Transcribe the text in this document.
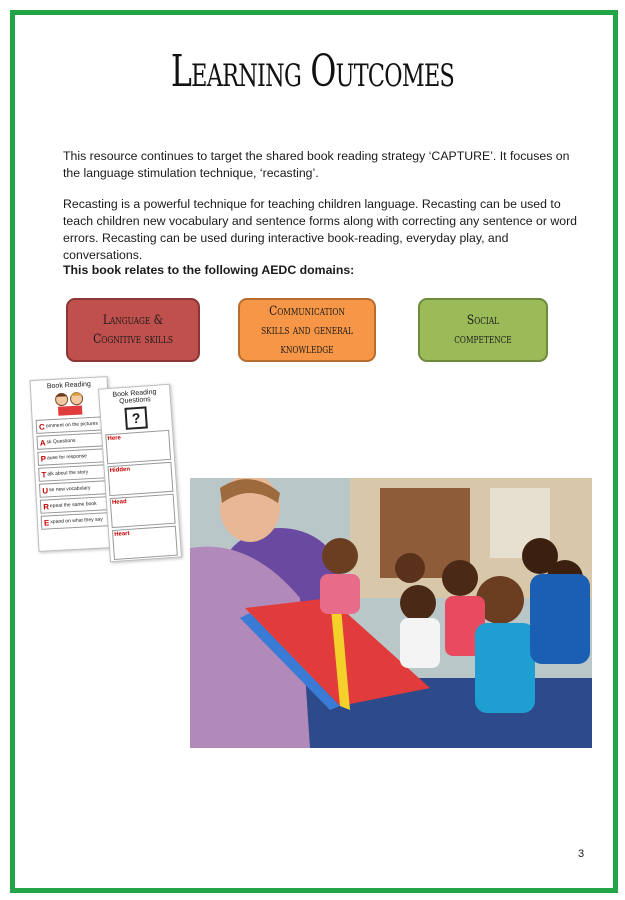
Learning Outcomes

This resource continues to target the shared book reading strategy ‘CAPTURE’. It focuses on the language stimulation technique, ‘recasting’.

Recasting is a powerful technique for teaching children language. Recasting can be used to teach children new vocabulary and sentence forms along with correcting any sentence or word errors. Recasting can be used during interactive book-reading, everyday play, and conversations.

This book relates to the following AEDC domains:

Language & Cognitive skills
Communication skills and general knowledge
Social competence
Book Reading
C omment on the pictures
A sk Questions
P ause for response
T alk about the story
U se new vocabulary
R epeat the same book
E xpand on what they say
Book Reading Questions
?
Here
Hidden
Head
Heart
3
